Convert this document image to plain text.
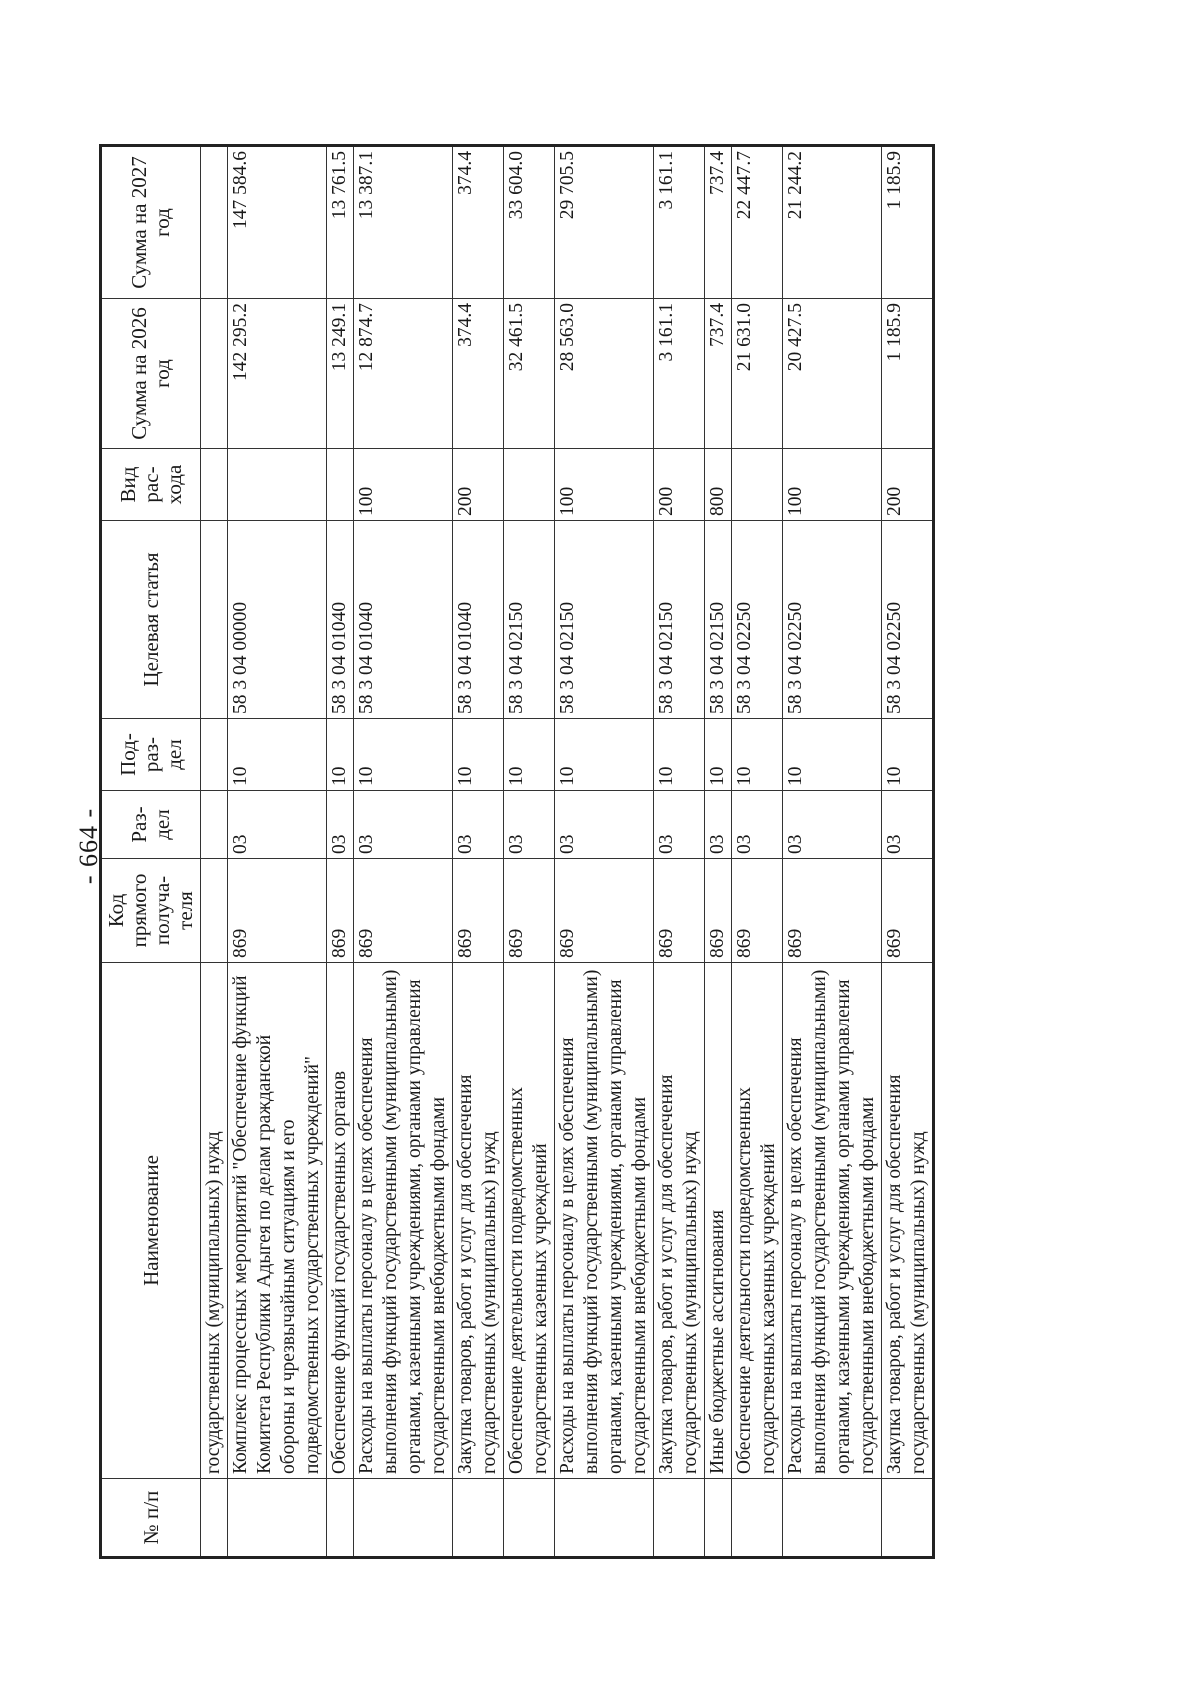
- 664 -
№ п/п	Наименование	Код прямого получа-теля	Раз-дел	Под-раз-дел	Целевая статья	Вид рас-хода	Сумма на 2026 год	Сумма на 2027 год
	государственных (муниципальных) нужд							
	Комплекс процессных мероприятий "Обеспечение функций Комитета Республики Адыгея по делам гражданской обороны и чрезвычайным ситуациям и его подведомственных государственных учреждений"	869	03	10	58 3 04 00000		142 295.2	147 584.6
	Обеспечение функций государственных органов	869	03	10	58 3 04 01040		13 249.1	13 761.5
	Расходы на выплаты персоналу в целях обеспечения выполнения функций государственными (муниципальными) органами, казенными учреждениями, органами управления государственными внебюджетными фондами	869	03	10	58 3 04 01040	100	12 874.7	13 387.1
	Закупка товаров, работ и услуг для обеспечения государственных (муниципальных) нужд	869	03	10	58 3 04 01040	200	374.4	374.4
	Обеспечение деятельности подведомственных государственных казенных учреждений	869	03	10	58 3 04 02150		32 461.5	33 604.0
	Расходы на выплаты персоналу в целях обеспечения выполнения функций государственными (муниципальными) органами, казенными учреждениями, органами управления государственными внебюджетными фондами	869	03	10	58 3 04 02150	100	28 563.0	29 705.5
	Закупка товаров, работ и услуг для обеспечения государственных (муниципальных) нужд	869	03	10	58 3 04 02150	200	3 161.1	3 161.1
	Иные бюджетные ассигнования	869	03	10	58 3 04 02150	800	737.4	737.4
	Обеспечение деятельности подведомственных государственных казенных учреждений	869	03	10	58 3 04 02250		21 631.0	22 447.7
	Расходы на выплаты персоналу в целях обеспечения выполнения функций государственными (муниципальными) органами, казенными учреждениями, органами управления государственными внебюджетными фондами	869	03	10	58 3 04 02250	100	20 427.5	21 244.2
	Закупка товаров, работ и услуг для обеспечения государственных (муниципальных) нужд	869	03	10	58 3 04 02250	200	1 185.9	1 185.9
